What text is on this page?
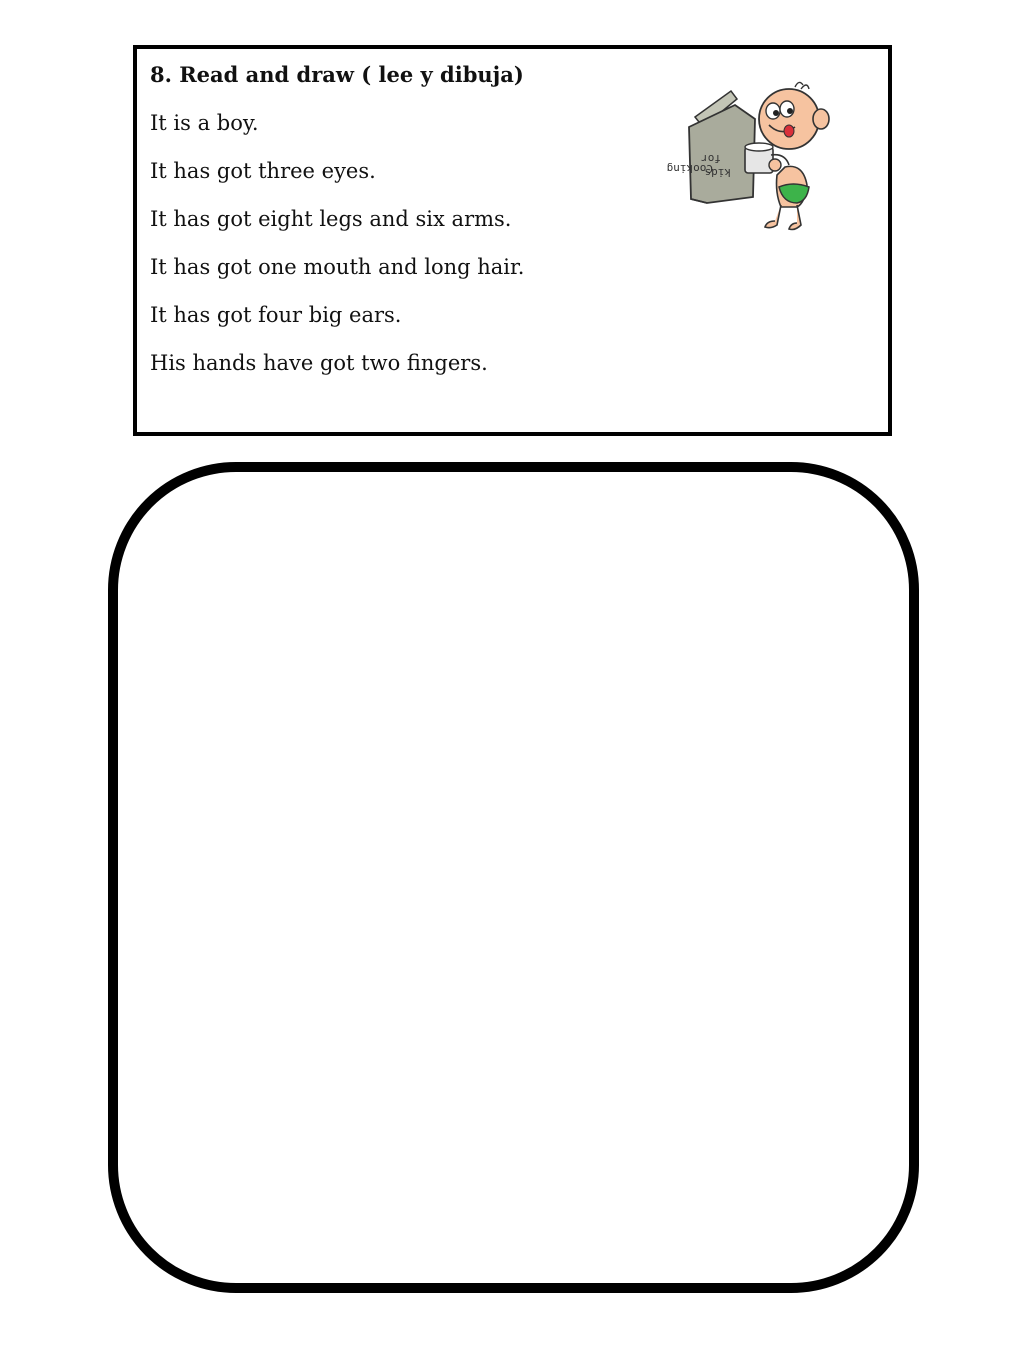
8. Read and draw ( lee y dibuja)

It is a boy.

It has got three eyes.

It has got eight legs and six arms.

It has got one mouth and long hair.

It has got four big ears.

His hands have got two fingers.

Cooking
for
kids
